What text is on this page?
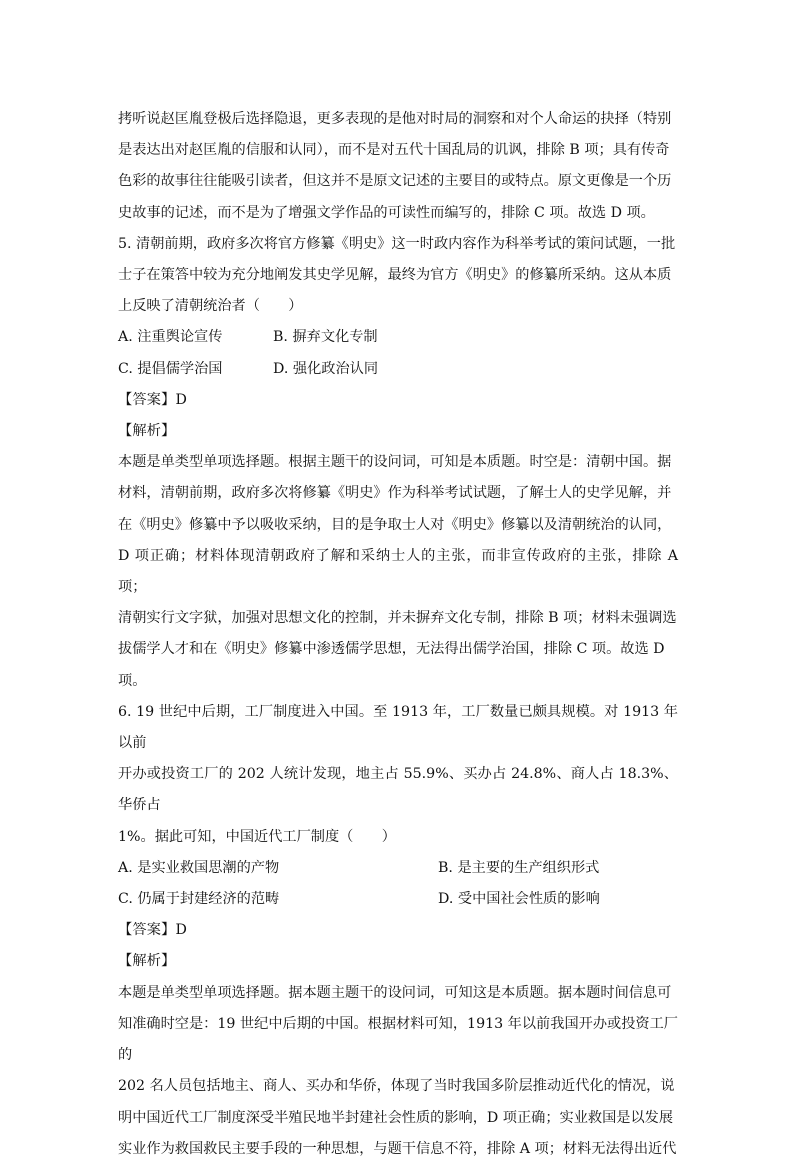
拷听说赵匡胤登极后选择隐退，更多表现的是他对时局的洞察和对个人命运的抉择（特别

是表达出对赵匡胤的信服和认同），而不是对五代十国乱局的讥讽，排除 B 项；具有传奇

色彩的故事往往能吸引读者，但这并不是原文记述的主要目的或特点。原文更像是一个历

史故事的记述，而不是为了增强文学作品的可读性而编写的，排除 C 项。故选 D 项。

5. 清朝前期，政府多次将官方修纂《明史》这一时政内容作为科举考试的策问试题，一批

士子在策答中较为充分地阐发其史学见解，最终为官方《明史》的修纂所采纳。这从本质

上反映了清朝统治者（　　）

A. 注重舆论宣传	B. 摒弃文化专制
C. 提倡儒学治国	D. 强化政治认同

【答案】D

【解析】

本题是单类型单项选择题。根据主题干的设问词，可知是本质题。时空是：清朝中国。据

材料，清朝前期，政府多次将修纂《明史》作为科举考试试题，了解士人的史学见解，并

在《明史》修纂中予以吸收采纳，目的是争取士人对《明史》修纂以及清朝统治的认同，

D 项正确；材料体现清朝政府了解和采纳士人的主张，而非宣传政府的主张，排除 A 项；

清朝实行文字狱，加强对思想文化的控制，并未摒弃文化专制，排除 B 项；材料未强调选

拔儒学人才和在《明史》修纂中渗透儒学思想，无法得出儒学治国，排除 C 项。故选 D

项。

6. 19 世纪中后期，工厂制度进入中国。至 1913 年，工厂数量已颇具规模。对 1913 年以前

开办或投资工厂的 202 人统计发现，地主占 55.9%、买办占 24.8%、商人占 18.3%、华侨占

1%。据此可知，中国近代工厂制度（　　）

A. 是实业救国思潮的产物	B. 是主要的生产组织形式
C. 仍属于封建经济的范畴	D. 受中国社会性质的影响

【答案】D

【解析】

本题是单类型单项选择题。据本题主题干的设问词，可知这是本质题。据本题时间信息可

知准确时空是：19 世纪中后期的中国。根据材料可知，1913 年以前我国开办或投资工厂的

202 名人员包括地主、商人、买办和华侨，体现了当时我国多阶层推动近代化的情况，说

明中国近代工厂制度深受半殖民地半封建社会性质的影响，D 项正确；实业救国是以发展

实业作为救国救民主要手段的一种思想，与题干信息不符，排除 A 项；材料无法得出近代
